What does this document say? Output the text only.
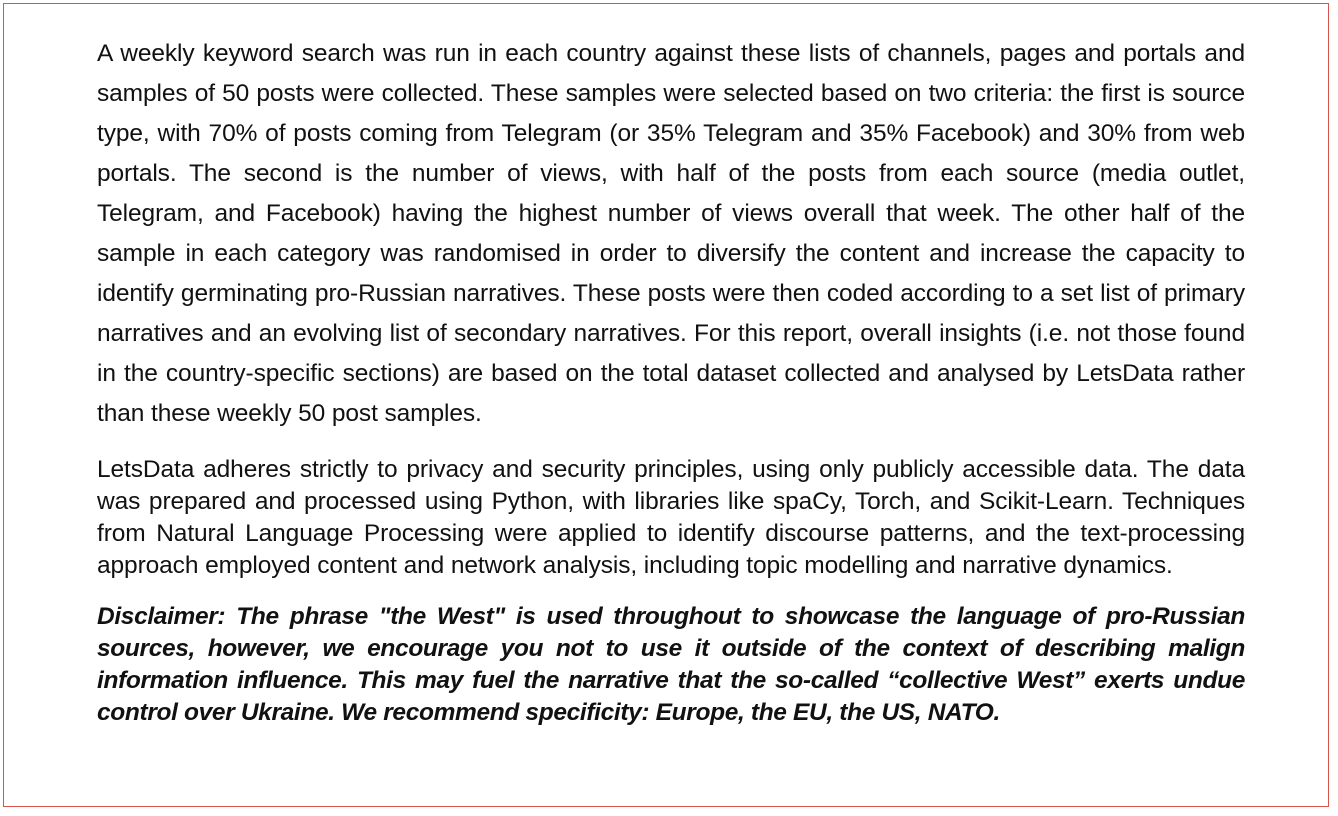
A weekly keyword search was run in each country against these lists of channels, pages and portals and samples of 50 posts were collected. These samples were selected based on two criteria: the first is source type, with 70% of posts coming from Telegram (or 35% Telegram and 35% Facebook) and 30% from web portals. The second is the number of views, with half of the posts from each source (media outlet, Telegram, and Facebook) having the highest number of views overall that week. The other half of the sample in each category was randomised in order to diversify the content and increase the capacity to identify germinating pro-Russian narratives. These posts were then coded according to a set list of primary narratives and an evolving list of secondary narratives. For this report, overall insights (i.e. not those found in the country-specific sections) are based on the total dataset collected and analysed by LetsData rather than these weekly 50 post samples.

LetsData adheres strictly to privacy and security principles, using only publicly accessible data. The data was prepared and processed using Python, with libraries like spaCy, Torch, and Scikit-Learn. Techniques from Natural Language Processing were applied to identify discourse patterns, and the text-processing approach employed content and network analysis, including topic modelling and narrative dynamics.

Disclaimer: The phrase "the West" is used throughout to showcase the language of pro-Russian sources, however, we encourage you not to use it outside of the context of describing malign information influence. This may fuel the narrative that the so-called “collective West” exerts undue control over Ukraine. We recommend specificity: Europe, the EU, the US, NATO.
